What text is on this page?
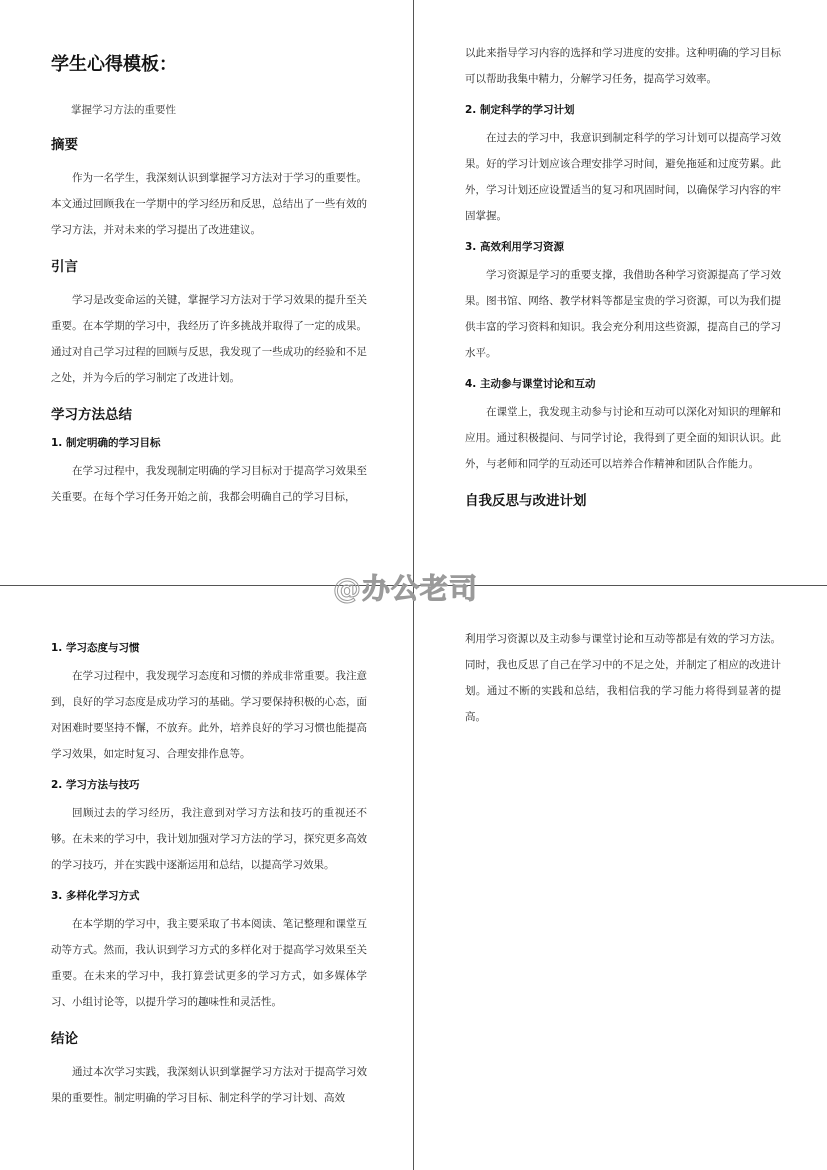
学生心得模板：
掌握学习方法的重要性
摘要

作为一名学生，我深刻认识到掌握学习方法对于学习的重要性。本文通过回顾我在一学期中的学习经历和反思，总结出了一些有效的学习方法，并对未来的学习提出了改进建议。

引言

学习是改变命运的关键，掌握学习方法对于学习效果的提升至关重要。在本学期的学习中，我经历了许多挑战并取得了一定的成果。通过对自己学习过程的回顾与反思，我发现了一些成功的经验和不足之处，并为今后的学习制定了改进计划。

学习方法总结
1. 制定明确的学习目标

在学习过程中，我发现制定明确的学习目标对于提高学习效果至关重要。在每个学习任务开始之前，我都会明确自己的学习目标，

以此来指导学习内容的选择和学习进度的安排。这种明确的学习目标可以帮助我集中精力，分解学习任务，提高学习效率。

2. 制定科学的学习计划

在过去的学习中，我意识到制定科学的学习计划可以提高学习效果。好的学习计划应该合理安排学习时间，避免拖延和过度劳累。此外，学习计划还应设置适当的复习和巩固时间，以确保学习内容的牢固掌握。

3. 高效利用学习资源

学习资源是学习的重要支撑，我借助各种学习资源提高了学习效果。图书馆、网络、教学材料等都是宝贵的学习资源，可以为我们提供丰富的学习资料和知识。我会充分利用这些资源，提高自己的学习水平。

4. 主动参与课堂讨论和互动

在课堂上，我发现主动参与讨论和互动可以深化对知识的理解和应用。通过积极提问、与同学讨论，我得到了更全面的知识认识。此外，与老师和同学的互动还可以培养合作精神和团队合作能力。

自我反思与改进计划
1. 学习态度与习惯

在学习过程中，我发现学习态度和习惯的养成非常重要。我注意到，良好的学习态度是成功学习的基础。学习要保持积极的心态，面对困难时要坚持不懈，不放弃。此外，培养良好的学习习惯也能提高学习效果，如定时复习、合理安排作息等。

2. 学习方法与技巧

回顾过去的学习经历，我注意到对学习方法和技巧的重视还不够。在未来的学习中，我计划加强对学习方法的学习，探究更多高效的学习技巧，并在实践中逐渐运用和总结，以提高学习效果。

3. 多样化学习方式

在本学期的学习中，我主要采取了书本阅读、笔记整理和课堂互动等方式。然而，我认识到学习方式的多样化对于提高学习效果至关重要。在未来的学习中，我打算尝试更多的学习方式，如多媒体学习、小组讨论等，以提升学习的趣味性和灵活性。

结论

通过本次学习实践，我深刻认识到掌握学习方法对于提高学习效果的重要性。制定明确的学习目标、制定科学的学习计划、高效

利用学习资源以及主动参与课堂讨论和互动等都是有效的学习方法。同时，我也反思了自己在学习中的不足之处，并制定了相应的改进计划。通过不断的实践和总结，我相信我的学习能力将得到显著的提高。

@办公老司
